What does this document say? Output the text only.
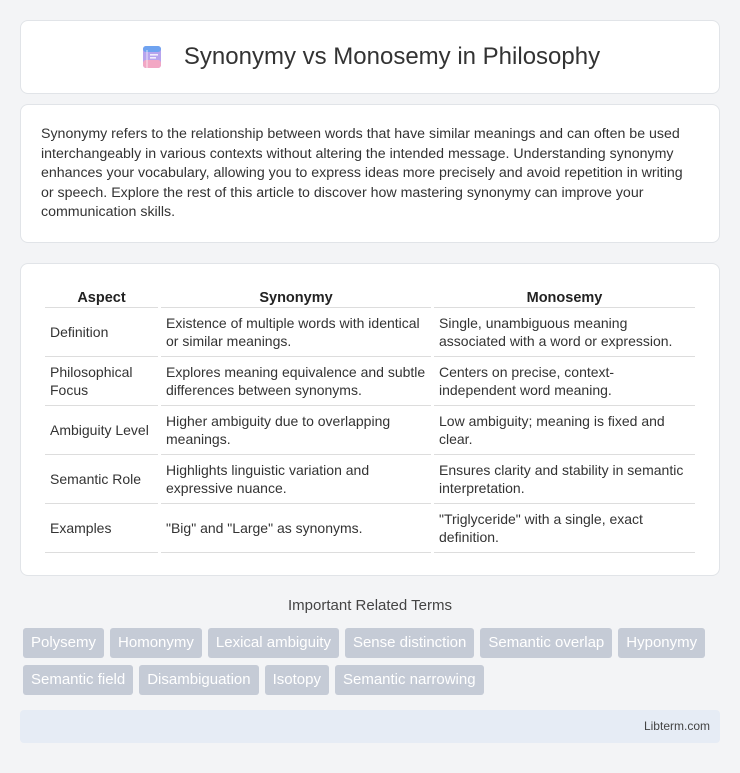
Synonymy vs Monosemy in Philosophy

Synonymy refers to the relationship between words that have similar meanings and can often be used interchangeably in various contexts without altering the intended message. Understanding synonymy enhances your vocabulary, allowing you to express ideas more precisely and avoid repetition in writing or speech. Explore the rest of this article to discover how mastering synonymy can improve your communication skills.

Aspect	Synonymy	Monosemy
Definition	Existence of multiple words with identical or similar meanings.	Single, unambiguous meaning associated with a word or expression.
Philosophical Focus	Explores meaning equivalence and subtle differences between synonyms.	Centers on precise, context-independent word meaning.
Ambiguity Level	Higher ambiguity due to overlapping meanings.	Low ambiguity; meaning is fixed and clear.
Semantic Role	Highlights linguistic variation and expressive nuance.	Ensures clarity and stability in semantic interpretation.
Examples	"Big" and "Large" as synonyms.	"Triglyceride" with a single, exact definition.
Important Related Terms
Polysemy	Homonymy	Lexical ambiguity	Sense distinction	Semantic overlap	Hyponymy
Semantic field	Disambiguation	Isotopy	Semantic narrowing
Libterm.com
